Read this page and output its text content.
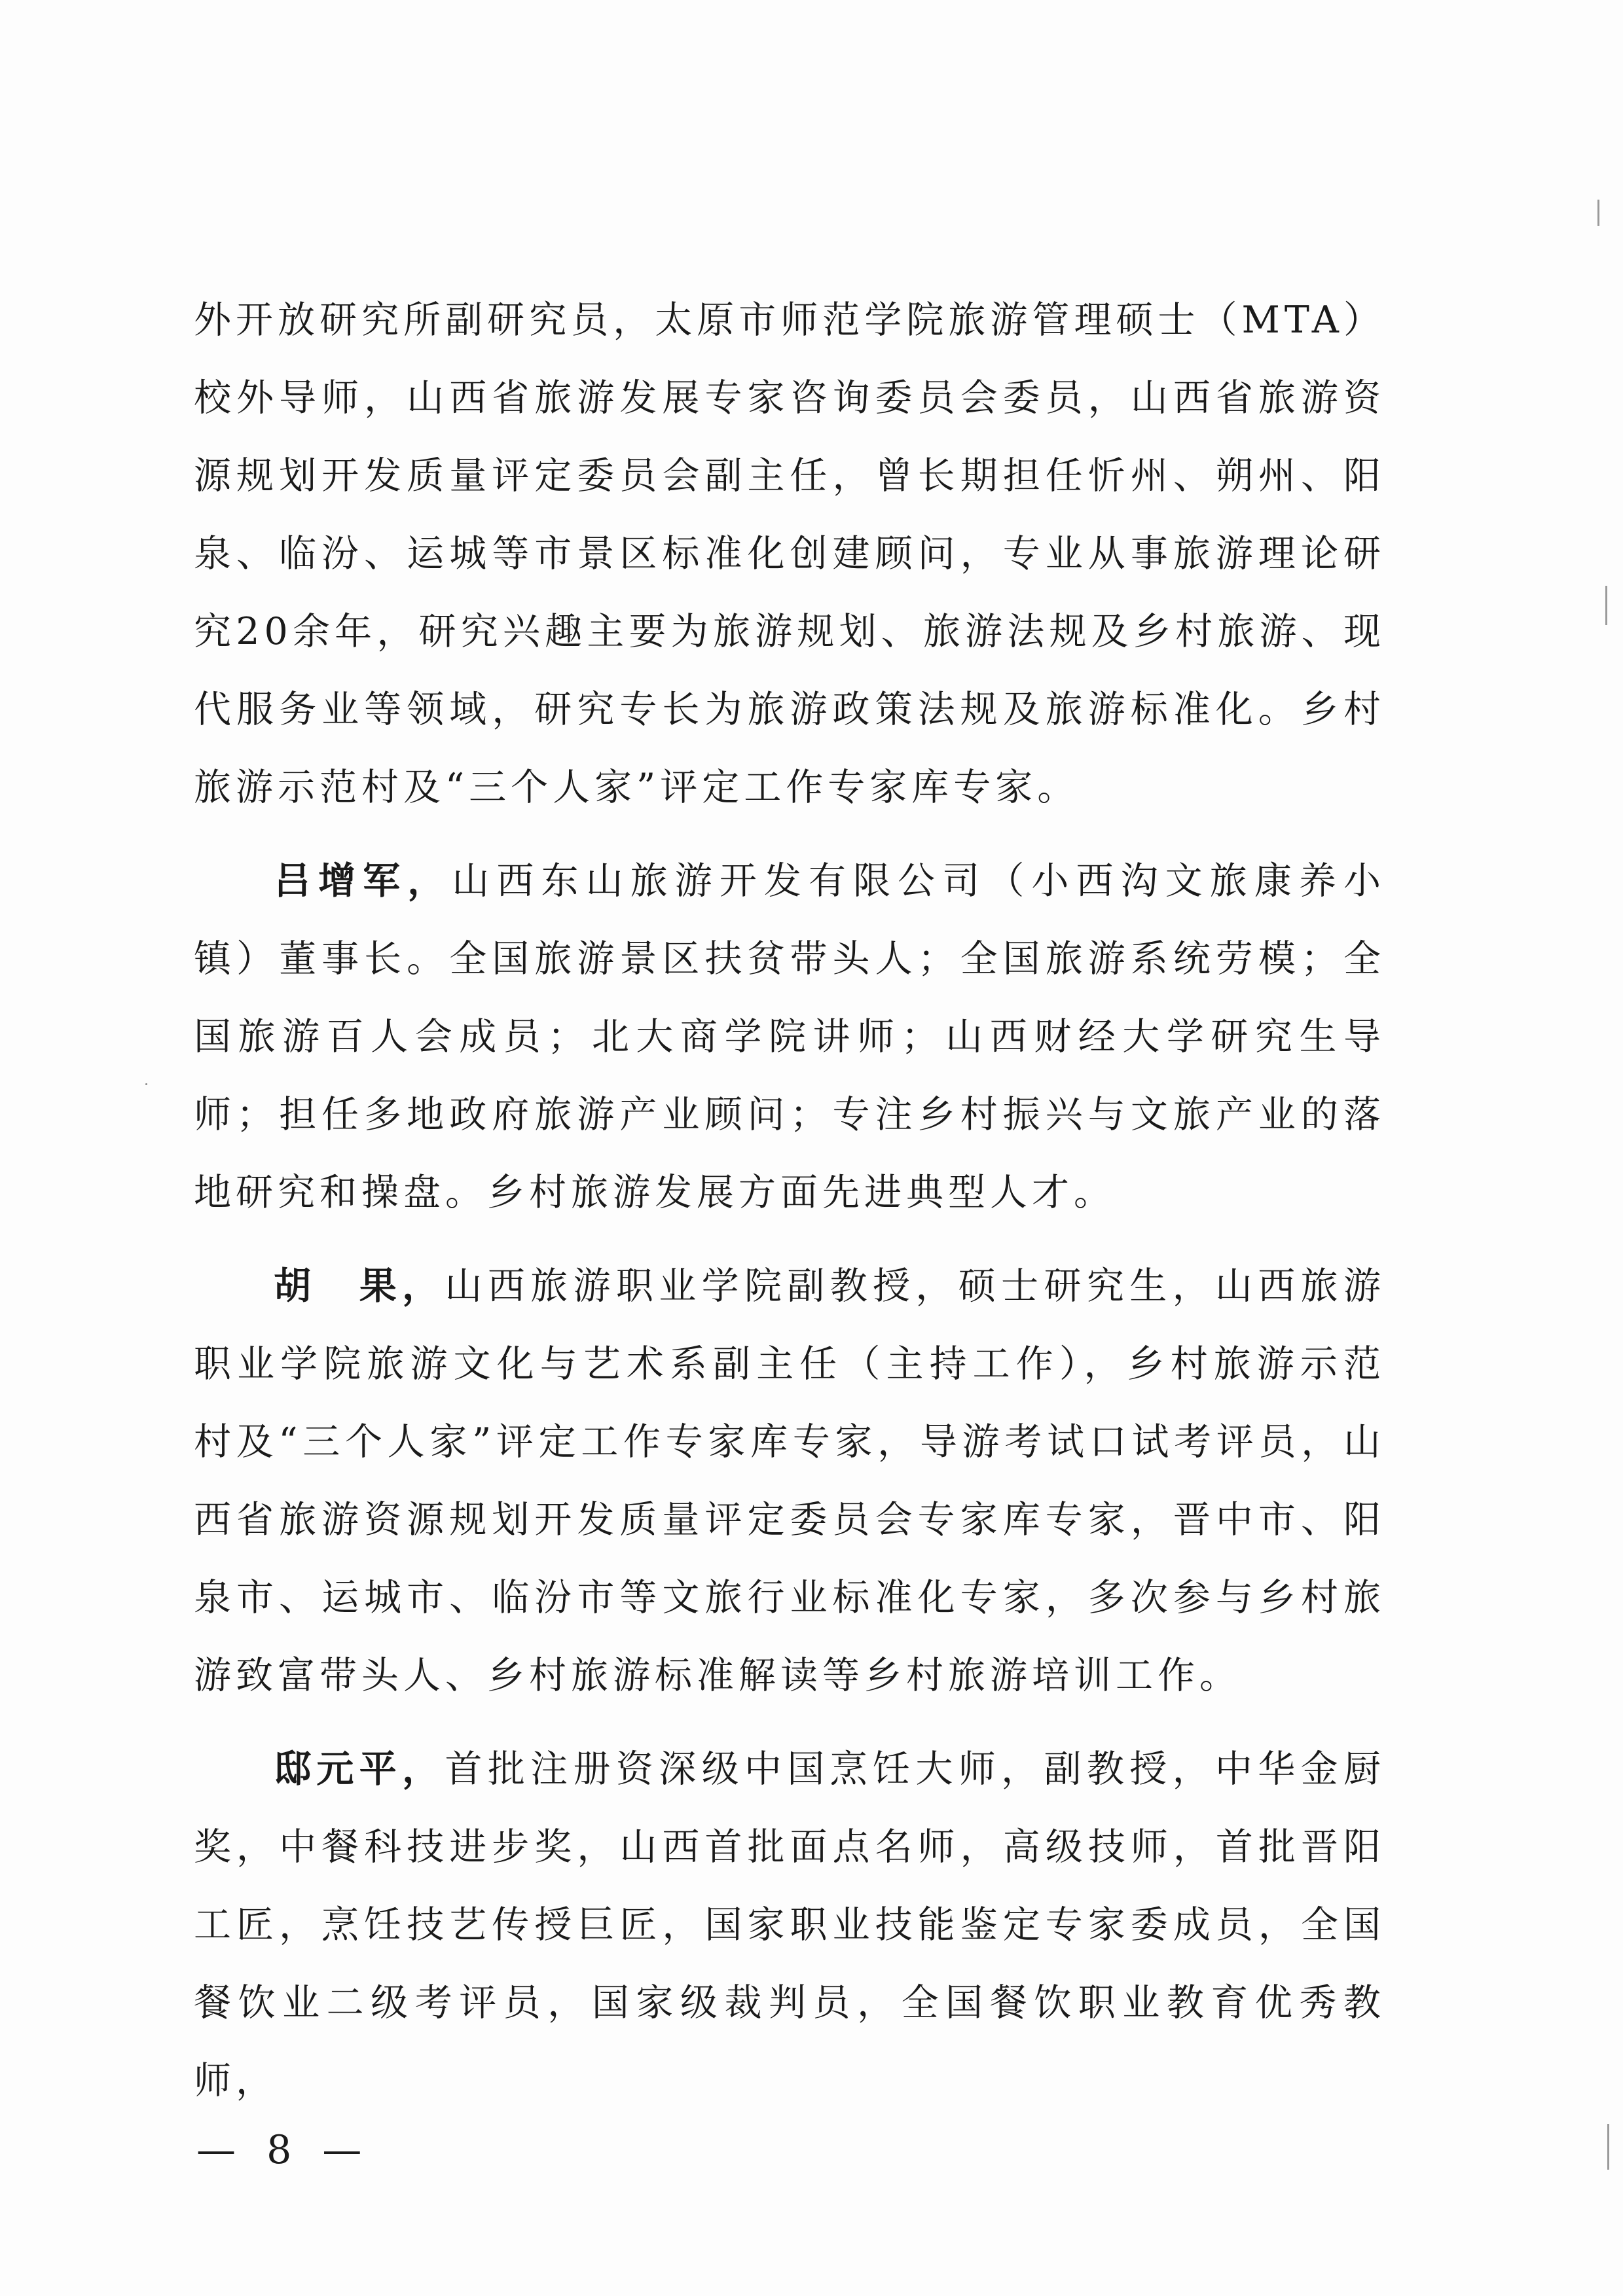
外开放研究所副研究员，太原市师范学院旅游管理硕士（MTA）校外导师，山西省旅游发展专家咨询委员会委员，山西省旅游资源规划开发质量评定委员会副主任，曾长期担任忻州、朔州、阳泉、临汾、运城等市景区标准化创建顾问，专业从事旅游理论研究20余年，研究兴趣主要为旅游规划、旅游法规及乡村旅游、现代服务业等领域，研究专长为旅游政策法规及旅游标准化。乡村旅游示范村及“三个人家”评定工作专家库专家。

吕增军，山西东山旅游开发有限公司（小西沟文旅康养小镇）董事长。全国旅游景区扶贫带头人；全国旅游系统劳模；全国旅游百人会成员；北大商学院讲师；山西财经大学研究生导师；担任多地政府旅游产业顾问；专注乡村振兴与文旅产业的落地研究和操盘。乡村旅游发展方面先进典型人才。

胡　果，山西旅游职业学院副教授，硕士研究生，山西旅游职业学院旅游文化与艺术系副主任（主持工作），乡村旅游示范村及“三个人家”评定工作专家库专家，导游考试口试考评员，山西省旅游资源规划开发质量评定委员会专家库专家，晋中市、阳泉市、运城市、临汾市等文旅行业标准化专家，多次参与乡村旅游致富带头人、乡村旅游标准解读等乡村旅游培训工作。

邸元平，首批注册资深级中国烹饪大师，副教授，中华金厨奖，中餐科技进步奖，山西首批面点名师，高级技师，首批晋阳工匠，烹饪技艺传授巨匠，国家职业技能鉴定专家委成员，全国餐饮业二级考评员，国家级裁判员，全国餐饮职业教育优秀教师，

— 8 —
